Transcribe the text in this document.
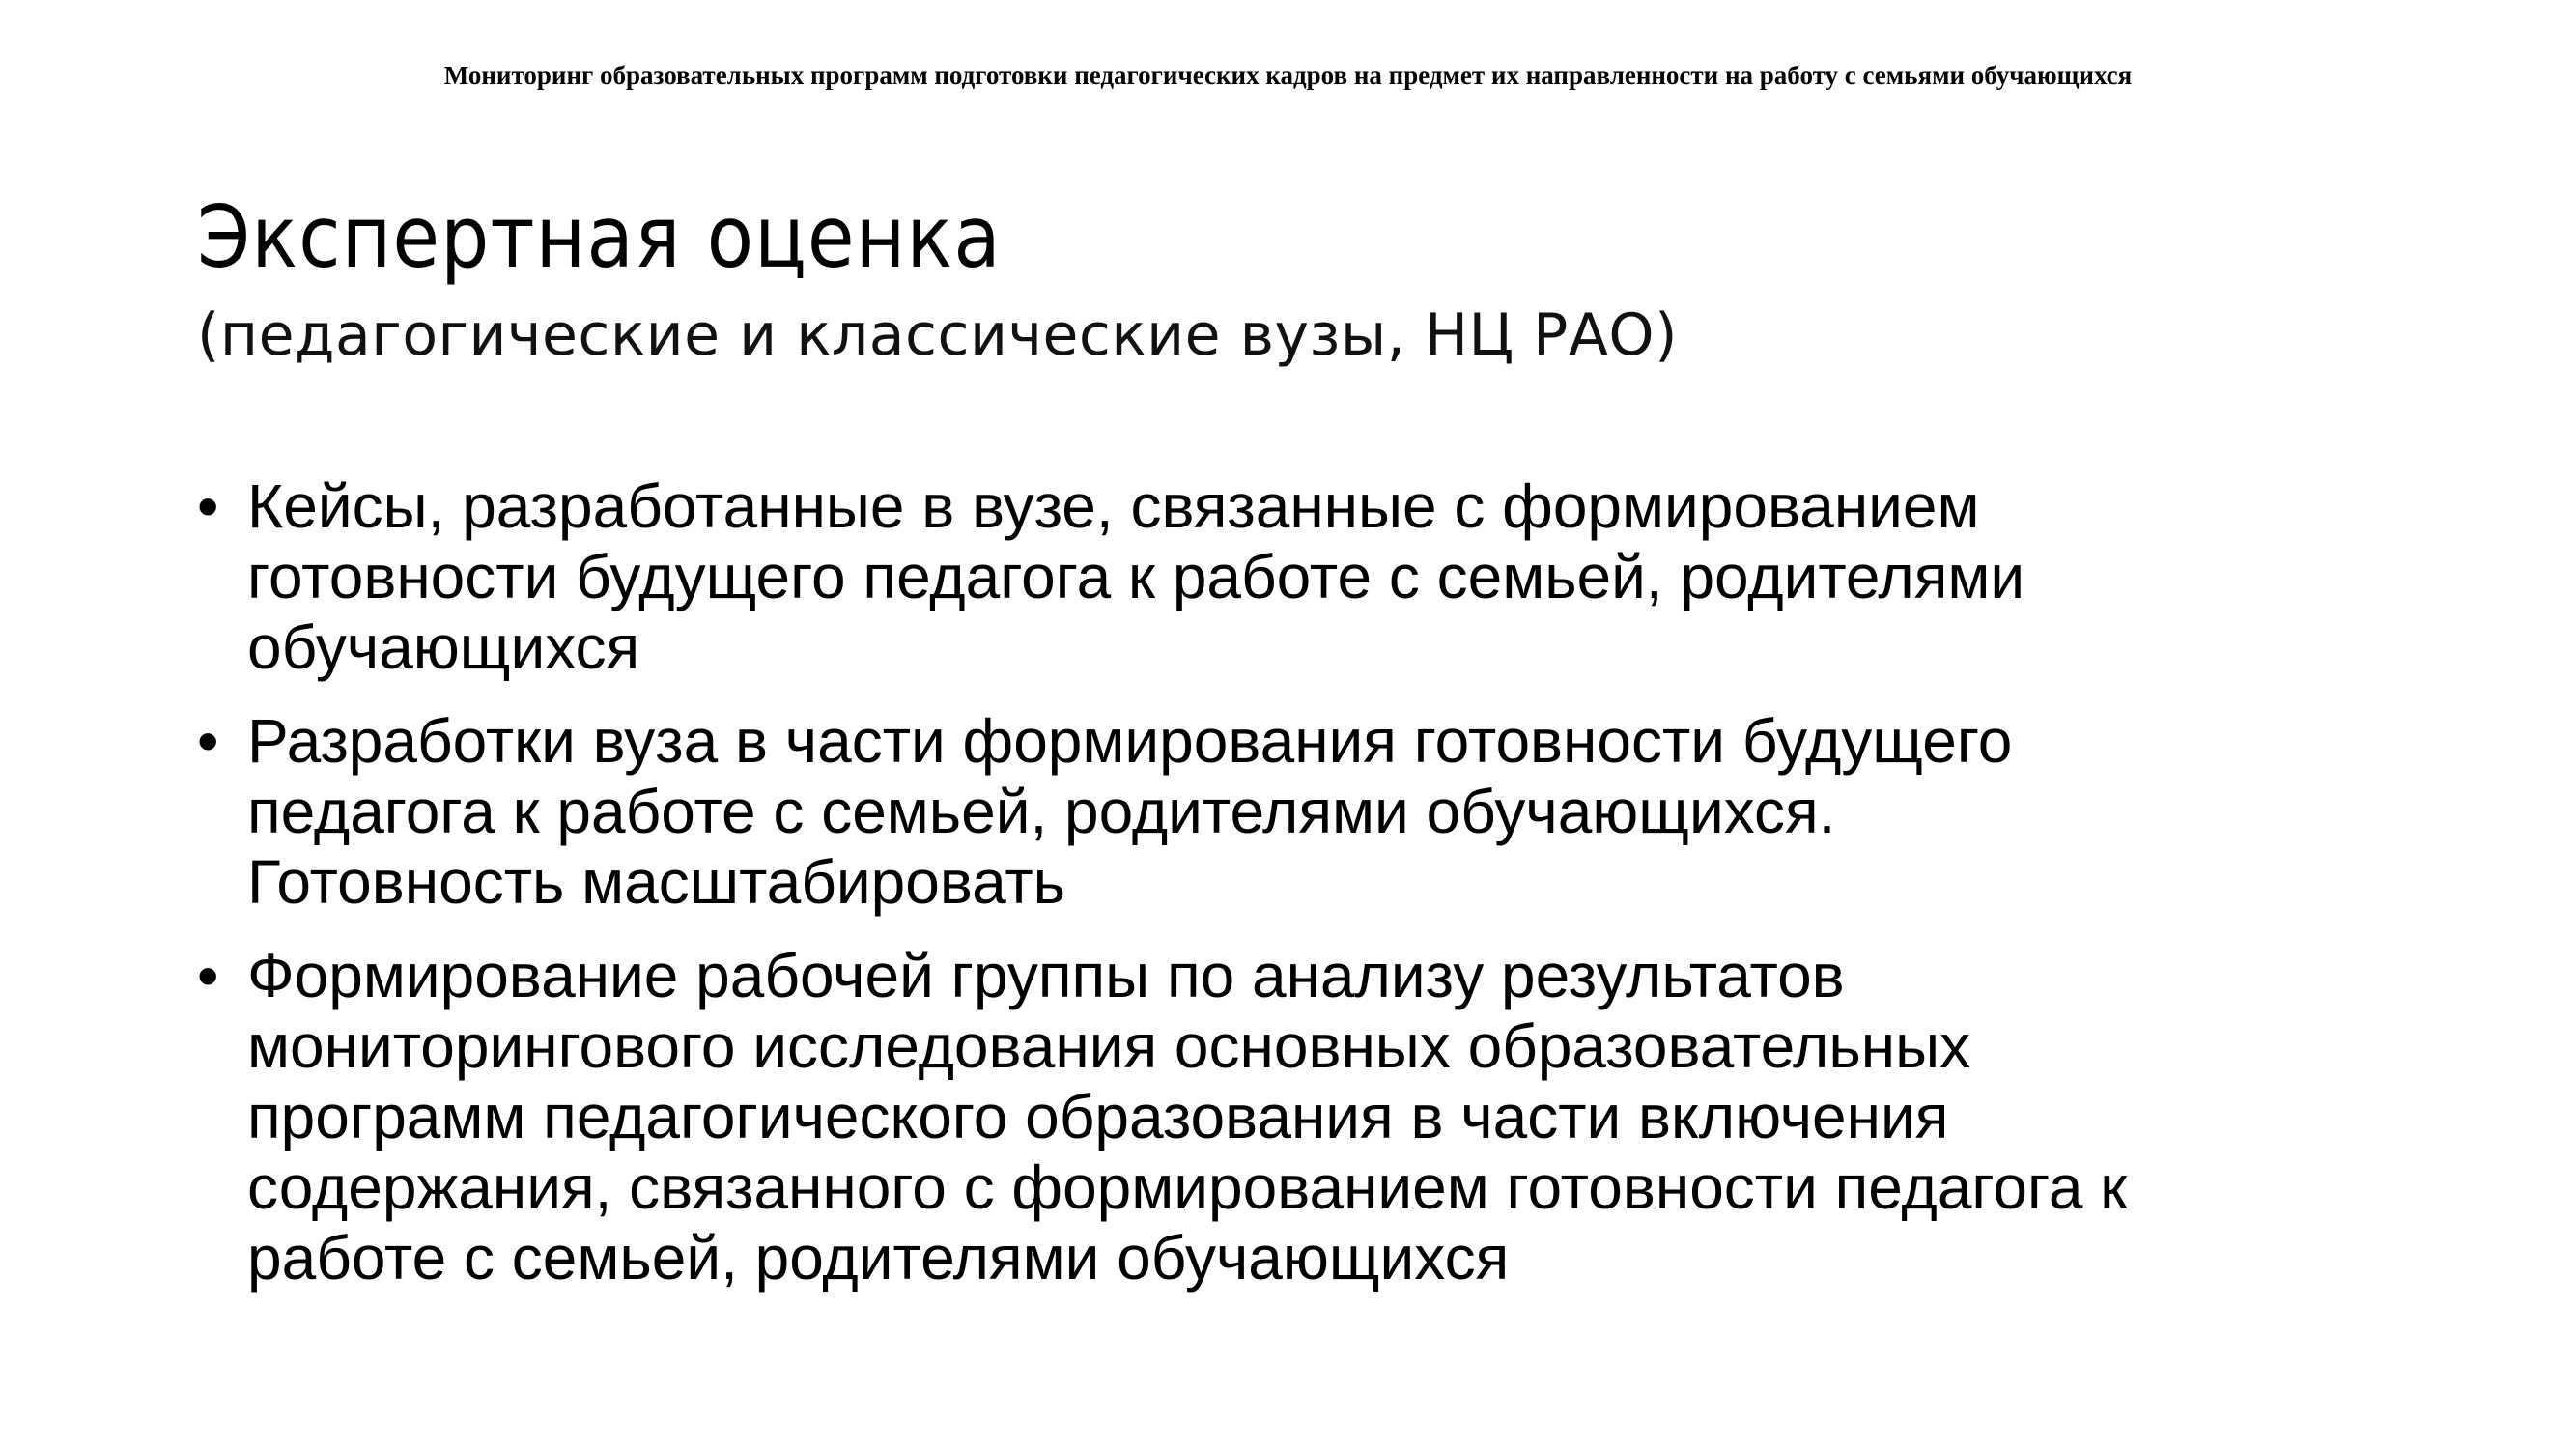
Мониторинг образовательных программ подготовки педагогических кадров на предмет их направленности на работу с семьями обучающихся
Экспертная оценка
(педагогические и классические вузы, НЦ РАО)
• Кейсы, разработанные в вузе, связанные с формированием
готовности будущего педагога к работе с семьей, родителями
обучающихся
• Разработки вуза в части формирования готовности будущего
педагога к работе с семьей, родителями обучающихся.
Готовность масштабировать
• Формирование рабочей группы по анализу результатов
мониторингового исследования основных образовательных
программ педагогического образования в части включения
содержания, связанного с формированием готовности педагога к
работе с семьей, родителями обучающихся
